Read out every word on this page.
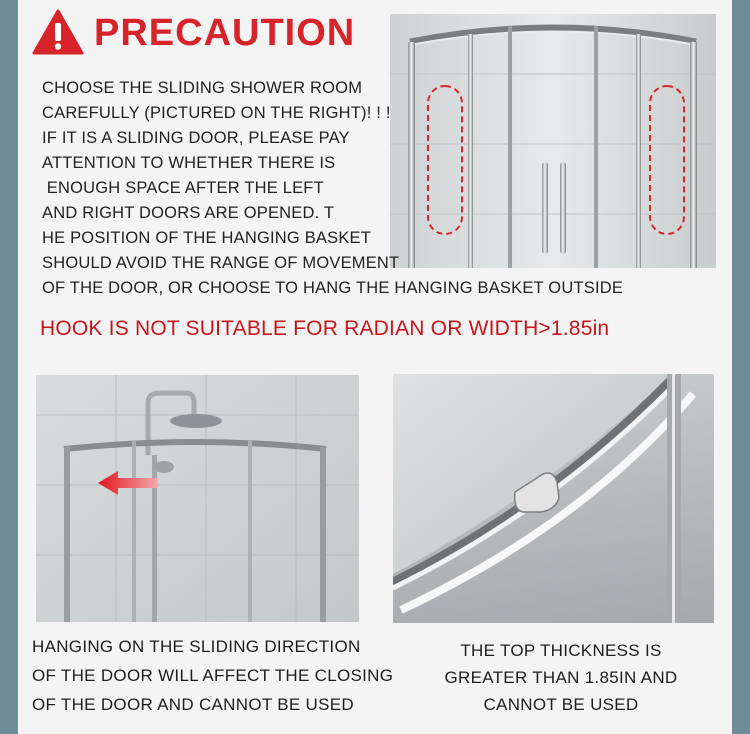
PRECAUTION
CHOOSE THE SLIDING SHOWER ROOM
CAREFULLY (PICTURED ON THE RIGHT)! ! !
IF IT IS A SLIDING DOOR, PLEASE PAY
ATTENTION TO WHETHER THERE IS
ENOUGH SPACE AFTER THE LEFT
AND RIGHT DOORS ARE OPENED. T
HE POSITION OF THE HANGING BASKET
SHOULD AVOID THE RANGE OF MOVEMENT
OF THE DOOR, OR CHOOSE TO HANG THE HANGING BASKET OUTSIDE
HOOK IS NOT SUITABLE FOR RADIAN OR WIDTH>1.85in
HANGING ON THE SLIDING DIRECTION
OF THE DOOR WILL AFFECT THE CLOSING
OF THE DOOR AND CANNOT BE USED
THE TOP THICKNESS IS
GREATER THAN 1.85IN AND
CANNOT BE USED
